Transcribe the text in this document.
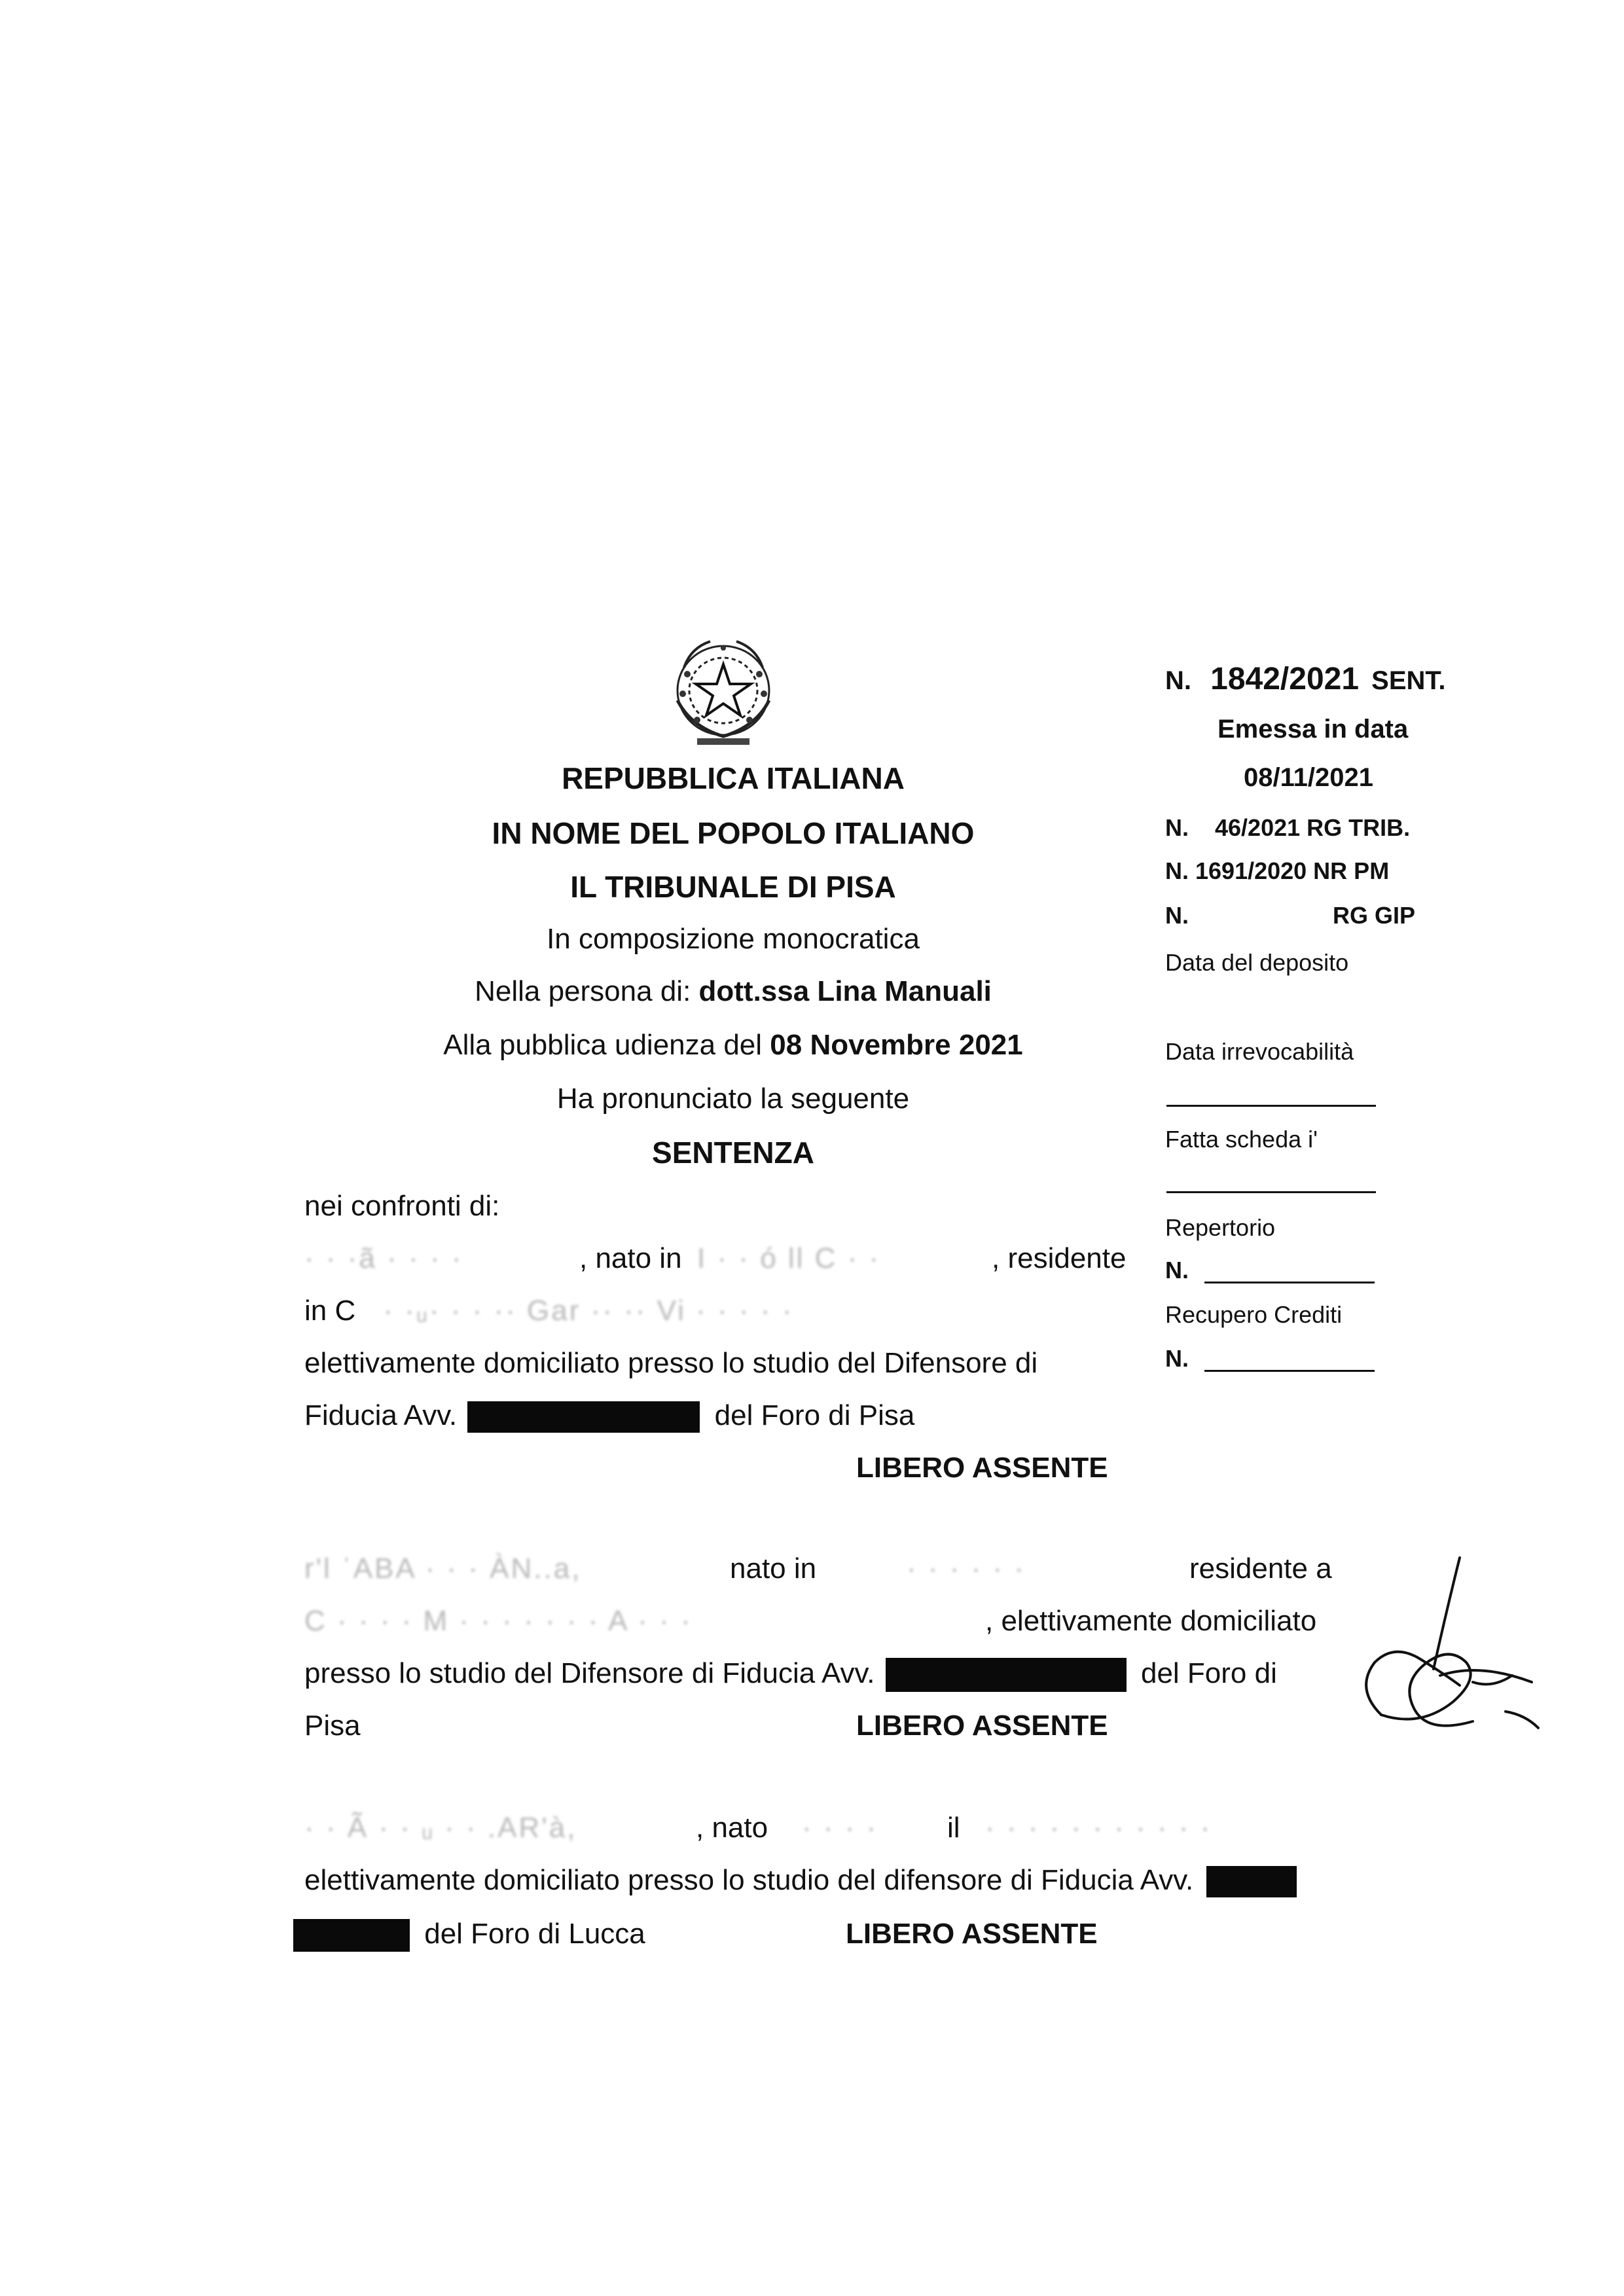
REPUBBLICA ITALIANA
IN NOME DEL POPOLO ITALIANO
IL TRIBUNALE DI PISA
In composizione monocratica
Nella persona di: dott.ssa Lina Manuali
Alla pubblica udienza del 08 Novembre 2021
Ha pronunciato la seguente
SENTENZA
N. 1842/2021 SENT.
Emessa in data
08/11/2021
N.    46/2021 RG TRIB.
N. 1691/2020 NR PM
N.	RG GIP
Data del deposito
Data irrevocabilità
Fatta scheda i'
Repertorio
N.
Recupero Crediti
N.
nei confronti di:
· · ·ã · · · ·	, nato in I · · ó ll C · ·	, residente
in C · ·ᵤ· · · ·· Gar ·· ·· Vi · · · · ·
elettivamente domiciliato presso lo studio del Difensore di
Fiducia Avv.	del Foro di Pisa
LIBERO ASSENTE
r'l ˈABA · · · ÀN..a,	nato in	· · · · · ·	residente a
C · · · · M · · · · · · · A · · ·	, elettivamente domiciliato
presso lo studio del Difensore di Fiducia Avv.	del Foro di
Pisa	LIBERO ASSENTE
· · Ã · · ᵤ · · .AR'à,	, nato · · · · il · · · · · · · · · · ·
elettivamente domiciliato presso lo studio del difensore di Fiducia Avv.
del Foro di Lucca	LIBERO ASSENTE
